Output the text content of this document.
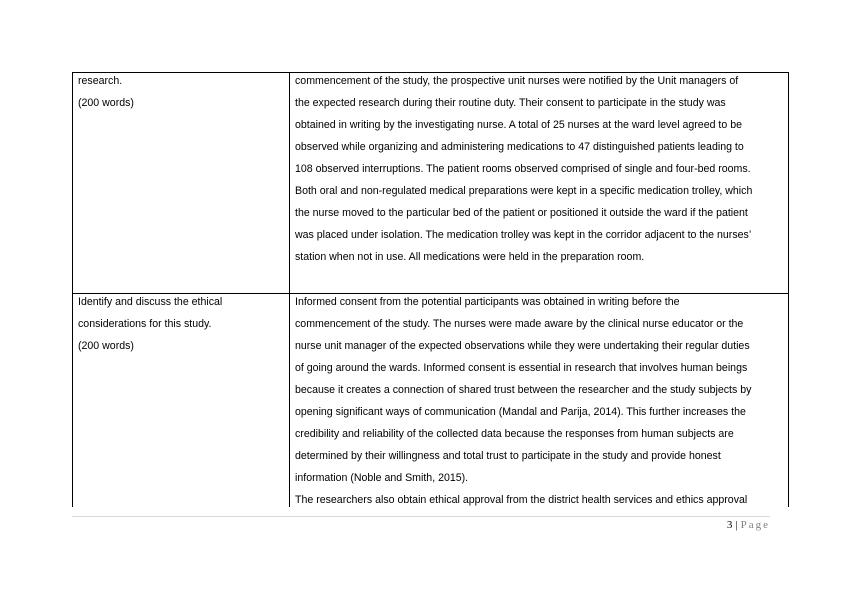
research.

(200 words)

commencement of the study, the prospective unit nurses were notified by the Unit managers of

the expected research during their routine duty. Their consent to participate in the study was

obtained in writing by the investigating nurse. A total of 25 nurses at the ward level agreed to be

observed while organizing and administering medications to 47 distinguished patients leading to

108 observed interruptions. The patient rooms observed comprised of single and four-bed rooms.

Both oral and non-regulated medical preparations were kept in a specific medication trolley, which

the nurse moved to the particular bed of the patient or positioned it outside the ward if the patient

was placed under isolation. The medication trolley was kept in the corridor adjacent to the nurses’

station when not in use. All medications were held in the preparation room.

Identify and discuss the ethical

considerations for this study.

(200 words)

Informed consent from the potential participants was obtained in writing before the

commencement of the study. The nurses were made aware by the clinical nurse educator or the

nurse unit manager of the expected observations while they were undertaking their regular duties

of going around the wards. Informed consent is essential in research that involves human beings

because it creates a connection of shared trust between the researcher and the study subjects by

opening significant ways of communication (Mandal and Parija, 2014). This further increases the

credibility and reliability of the collected data because the responses from human subjects are

determined by their willingness and total trust to participate in the study and provide honest

information (Noble and Smith, 2015).

The researchers also obtain ethical approval from the district health services and ethics approval

3 | Page
